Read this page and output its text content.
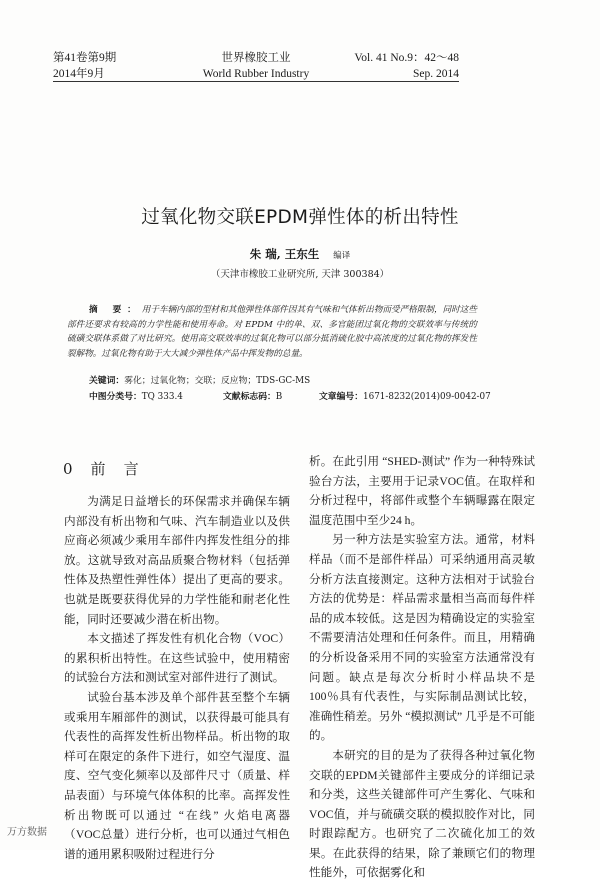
第41卷第9期	世界橡胶工业	Vol. 41 No.9：42～48
2014年9月	World Rubber Industry	Sep. 2014
过氧化物交联EPDM弹性体的析出特性
朱 瑞, 王东生 编译
（天津市橡胶工业研究所, 天津 300384）
摘 要：用于车辆内部的型材和其他弹性体部件因其有气味和气体析出物而受严格限制，同时这些部件还要求有较高的力学性能和使用寿命。对 EPDM 中的单、双、多官能团过氧化物的交联效率与传统的硫磺交联体系做了对比研究。使用高交联效率的过氧化物可以部分抵消硫化胶中高浓度的过氧化物的挥发性裂解物。过氧化物有助于大大减少弹性体产品中挥发物的总量。
关键词：雾化；过氧化物；交联；反应物；TDS-GC-MS
中图分类号：TQ 333.4	文献标志码：B	文章编号：1671-8232(2014)09-0042-07
0 前 言

为满足日益增长的环保需求并确保车辆内部没有析出物和气味、汽车制造业以及供应商必须减少乘用车部件内挥发性组分的排放。这就导致对高品质聚合物材料（包括弹性体及热塑性弹性体）提出了更高的要求。也就是既要获得优异的力学性能和耐老化性能，同时还要减少潜在析出物。

本文描述了挥发性有机化合物（VOC）的累积析出特性。在这些试验中，使用精密的试验台方法和测试室对部件进行了测试。

试验台基本涉及单个部件甚至整个车辆或乘用车厢部件的测试，以获得最可能具有代表性的高挥发性析出物样品。析出物的取样可在限定的条件下进行，如空气湿度、温度、空气变化频率以及部件尺寸（质量、样品表面）与环境气体体积的比率。高挥发性析出物既可以通过 “在线” 火焰电离器（VOC总量）进行分析，也可以通过气相色谱的通用累积吸附过程进行分

析。在此引用 “SHED-测试” 作为一种特殊试验台方法，主要用于记录VOC值。在取样和分析过程中，将部件或整个车辆曝露在限定温度范围中至少24 h。

另一种方法是实验室方法。通常，材料样品（而不是部件样品）可采纳通用高灵敏分析方法直接测定。这种方法相对于试验台方法的优势是：样品需求量相当高而每件样品的成本较低。这是因为精确设定的实验室不需要清洁处理和任何条件。而且，用精确的分析设备采用不同的实验室方法通常没有问题。缺点是每次分析时小样品块不是100％具有代表性，与实际制品测试比较，准确性稍差。另外 “模拟测试” 几乎是不可能的。

本研究的目的是为了获得各种过氧化物交联的EPDM关键部件主要成分的详细记录和分类，这些关键部件可产生雾化、气味和VOC值，并与硫磺交联的模拟胶作对比，同时跟踪配方。也研究了二次硫化加工的效果。在此获得的结果，除了兼顾它们的物理性能外，可依据雾化和

万方数据
